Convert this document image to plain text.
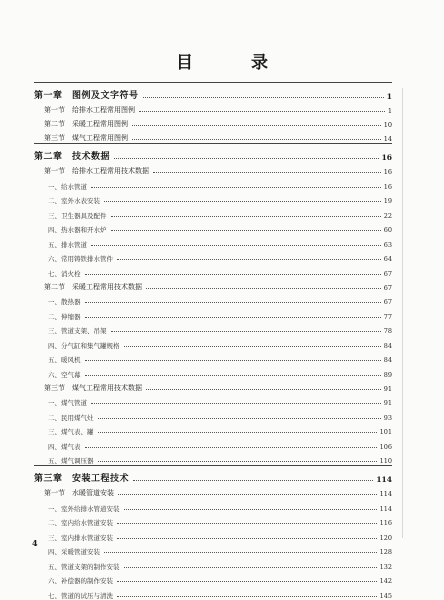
目 录
第一章　图例及文字符号	1
第一节　给排水工程常用图例	1
第二节　采暖工程常用图例	10
第三节　煤气工程常用图例	14
第二章　技术数据	16
第一节　给排水工程常用技术数据	16
一、给水管道	16
二、室外水表安装	19
三、卫生器具及配件	22
四、热水器和开水炉	60
五、排水管道	63
六、常用铸铁排水管件	64
七、消火栓	67
第二节　采暖工程常用技术数据	67
一、散热器	67
二、伸缩器	77
三、管道支架、吊架	78
四、分气缸和集气罐规格	84
五、暖风机	84
六、空气幕	89
第三节　煤气工程常用技术数据	91
一、煤气管道	91
二、民用煤气灶	93
三、煤气表、罐	101
四、煤气表	106
五、煤气调压器	110
第三章　安装工程技术	114
第一节　水暖管道安装	114
一、室外给排水管道安装	114
二、室内给水管道安装	116
三、室内排水管道安装	120
四、采暖管道安装	128
五、管道支架的制作安装	132
六、补偿器的制作安装	142
七、管道的试压与清洗	145
4
